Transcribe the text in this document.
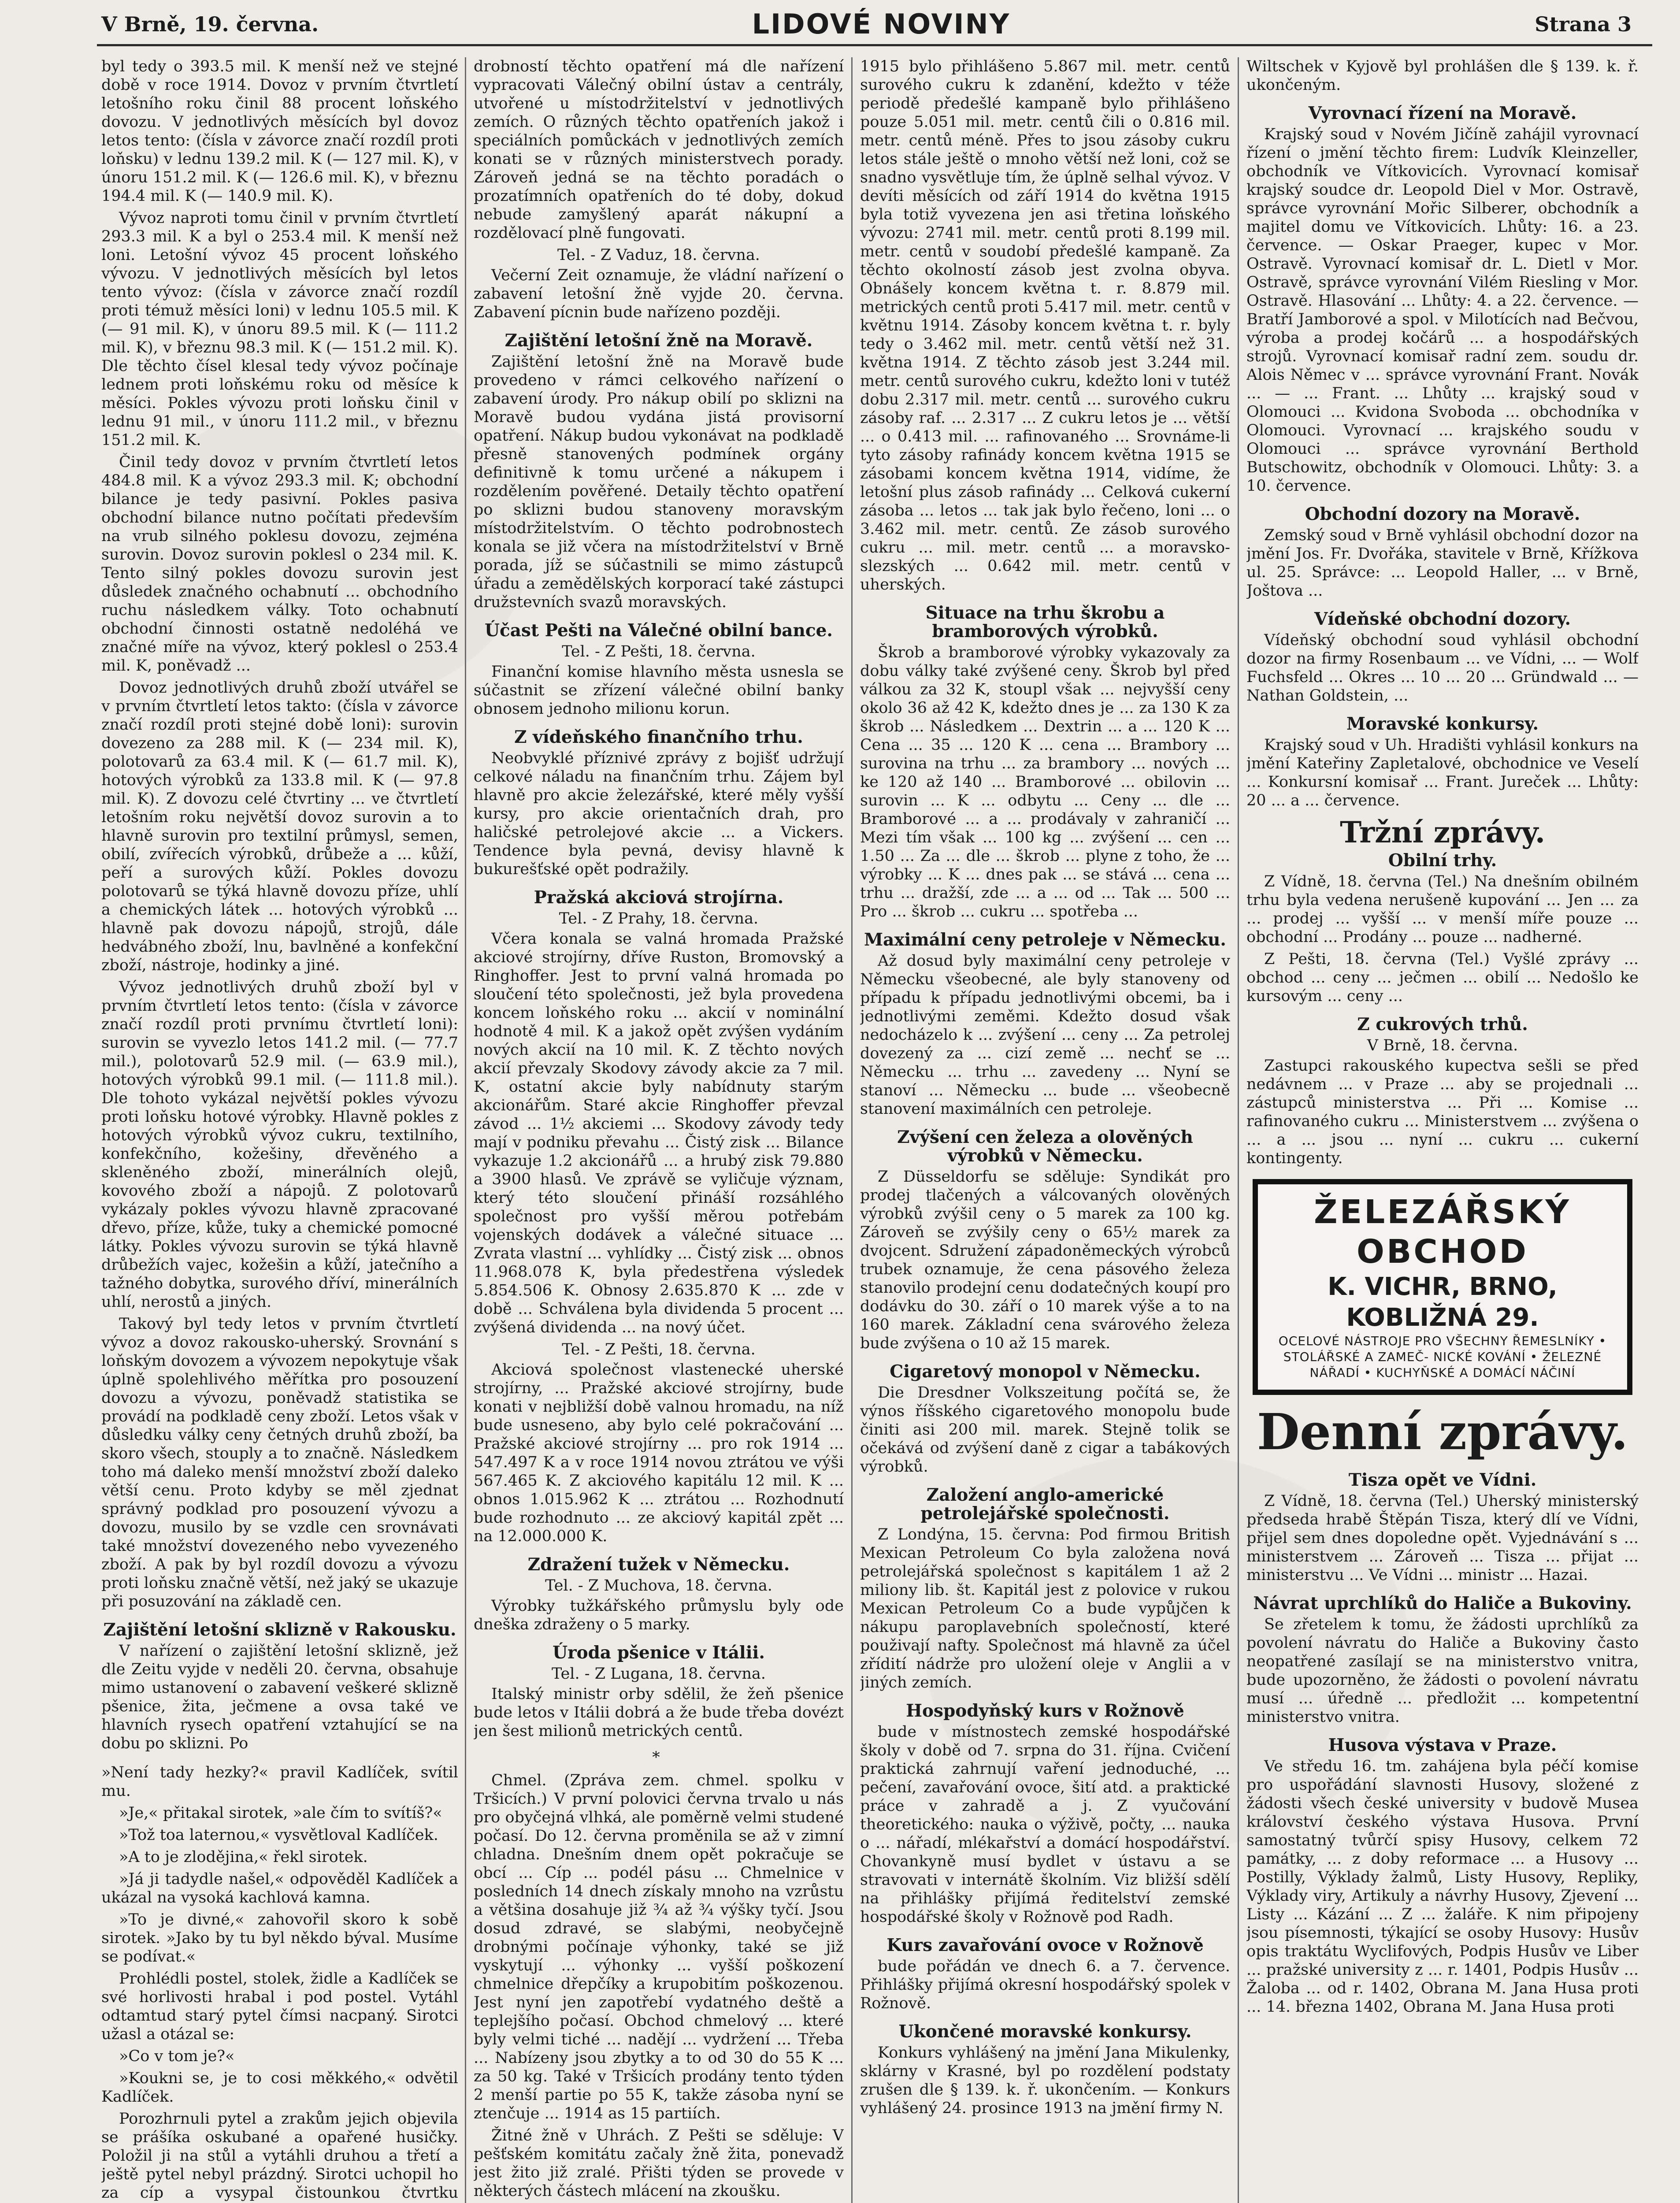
V Brně, 19. června.	LIDOVÉ NOVINY	Strana 3

byl tedy o 393.5 mil. K menší než ve stejné době v roce 1914. Dovoz v prvním čtvrtletí letošního roku činil 88 procent loňského dovozu. V jednotlivých měsících byl dovoz letos tento: (čísla v závorce značí rozdíl proti loňsku) v lednu 139.2 mil. K (— 127 mil. K), v únoru 151.2 mil. K (— 126.6 mil. K), v březnu 194.4 mil. K (— 140.9 mil. K).

Vývoz naproti tomu činil v prvním čtvrtletí 293.3 mil. K a byl o 253.4 mil. K menší než loni. Letošní vývoz 45 procent loňského vývozu. V jednotlivých měsících byl letos tento vývoz: (čísla v závorce značí rozdíl proti témuž měsíci loni) v lednu 105.5 mil. K (— 91 mil. K), v únoru 89.5 mil. K (— 111.2 mil. K), v březnu 98.3 mil. K (— 151.2 mil. K). Dle těchto čísel klesal tedy vývoz počínaje lednem proti loňskému roku od měsíce k měsíci. Pokles vývozu proti loňsku činil v lednu 91 mil., v únoru 111.2 mil., v březnu 151.2 mil. K.

Činil tedy dovoz v prvním čtvrtletí letos 484.8 mil. K a vývoz 293.3 mil. K; obchodní bilance je tedy pasivní. Pokles pasiva obchodní bilance nutno počítati především na vrub silného poklesu dovozu, zejména surovin. Dovoz surovin poklesl o 234 mil. K. Tento silný pokles dovozu surovin jest důsledek značného ochabnutí ... obchodního ruchu následkem války. Toto ochabnutí obchodní činnosti ostatně nedoléhá ve značné míře na vývoz, který poklesl o 253.4 mil. K, poněvadž ...

Dovoz jednotlivých druhů zboží utvářel se v prvním čtvrtletí letos takto: (čísla v závorce značí rozdíl proti stejné době loni): surovin dovezeno za 288 mil. K (— 234 mil. K), polotovarů za 63.4 mil. K (— 61.7 mil. K), hotových výrobků za 133.8 mil. K (— 97.8 mil. K). Z dovozu celé čtvrtiny ... ve čtvrtletí letošním roku největší dovoz surovin a to hlavně surovin pro textilní průmysl, semen, obilí, zvířecích výrobků, drůbeže a ... kůží, peří a surových kůží. Pokles dovozu polotovarů se týká hlavně dovozu příze, uhlí a chemických látek ... hotových výrobků ... hlavně pak dovozu nápojů, strojů, dále hedvábného zboží, lnu, bavlněné a konfekční zboží, nástroje, hodinky a jiné.

Vývoz jednotlivých druhů zboží byl v prvním čtvrtletí letos tento: (čísla v závorce značí rozdíl proti prvnímu čtvrtletí loni): surovin se vyvezlo letos 141.2 mil. (— 77.7 mil.), polotovarů 52.9 mil. (— 63.9 mil.), hotových výrobků 99.1 mil. (— 111.8 mil.). Dle tohoto vykázal největší pokles vývozu proti loňsku hotové výrobky. Hlavně pokles z hotových výrobků vývoz cukru, textilního, konfekčního, kožešiny, dřevěného a skleněného zboží, minerálních olejů, kovového zboží a nápojů. Z polotovarů vykázaly pokles vývozu hlavně zpracované dřevo, příze, kůže, tuky a chemické pomocné látky. Pokles vývozu surovin se týká hlavně drůbežích vajec, kožešin a kůží, jatečního a tažného dobytka, surového dříví, minerálních uhlí, nerostů a jiných.

Takový byl tedy letos v prvním čtvrtletí vývoz a dovoz rakousko-uherský. Srovnání s loňským dovozem a vývozem nepokytuje však úplně spolehlivého měřítka pro posouzení dovozu a vývozu, poněvadž statistika se provádí na podkladě ceny zboží. Letos však v důsledku války ceny četných druhů zboží, ba skoro všech, stouply a to značně. Následkem toho má daleko menší množství zboží daleko větší cenu. Proto kdyby se měl zjednat správný podklad pro posouzení vývozu a dovozu, musilo by se vzdle cen srovnávati také množství dovezeného nebo vyvezeného zboží. A pak by byl rozdíl dovozu a vývozu proti loňsku značně větší, než jaký se ukazuje při posuzování na základě cen.

Zajištění letošní sklizně v Rakousku.

V nařízení o zajištění letošní sklizně, jež dle Zeitu vyjde v neděli 20. června, obsahuje mimo ustanovení o zabavení veškeré sklizně pšenice, žita, ječmene a ovsa také ve hlavních rysech opatření vztahující se na dobu po sklizni. Po

»Není tady hezky?« pravil Kadlíček, svítil mu.

»Je,« přitakal sirotek, »ale čím to svítíš?«

»Tož toa laternou,« vysvětloval Kadlíček.

»A to je zlodějina,« řekl sirotek.

»Já ji tadydle našel,« odpověděl Kadlíček a ukázal na vysoká kachlová kamna.

»To je divné,« zahovořil skoro k sobě sirotek. »Jako by tu byl někdo býval. Musíme se podívat.«

Prohlédli postel, stolek, židle a Kadlíček se své horlivosti hrabal i pod postel. Vytáhl odtamtud starý pytel čímsi nacpaný. Sirotci užasl a otázal se:

»Co v tom je?«

»Koukni se, je to cosi měkkého,« odvětil Kadlíček.

Porozhrnuli pytel a zrakům jejich objevila se prášíka oskubané a opařené husičky. Položil ji na stůl a vytáhli druhou a třetí a ještě pytel nebyl prázdný. Sirotci uchopil ho za cíp a vysypal čistounkou čtvrtku

drobností těchto opatření má dle nařízení vypracovati Válečný obilní ústav a centrály, utvořené u místodržitelství v jednotlivých zemích. O různých těchto opatřeních jakož i speciálních pomůckách v jednotlivých zemích konati se v různých ministerstvech porady. Zároveň jedná se na těchto poradách o prozatímních opatřeních do té doby, dokud nebude zamyšlený aparát nákupní a rozdělovací plně fungovati.

Tel. - Z Vaduz, 18. června.

Večerní Zeit oznamuje, že vládní nařízení o zabavení letošní žně vyjde 20. června. Zabavení pícnin bude nařízeno později.

Zajištění letošní žně na Moravě.

Zajištění letošní žně na Moravě bude provedeno v rámci celkového nařízení o zabavení úrody. Pro nákup obilí po sklizni na Moravě budou vydána jistá provisorní opatření. Nákup budou vykonávat na podkladě přesně stanovených podmínek orgány definitivně k tomu určené a nákupem i rozdělením pověřené. Detaily těchto opatření po sklizni budou stanoveny moravským místodržitelstvím. O těchto podrobnostech konala se již včera na místodržitelství v Brně porada, jíž se súčastnili se mimo zástupců úřadu a zemědělských korporací také zástupci družstevních svazů moravských.

Účast Pešti na Válečné obilní bance.
Tel. - Z Pešti, 18. června.

Finanční komise hlavního města usnesla se súčastnit se zřízení válečné obilní banky obnosem jednoho milionu korun.

Z vídeňského finančního trhu.

Neobvyklé příznivé zprávy z bojišť udržují celkové náladu na finančním trhu. Zájem byl hlavně pro akcie železářské, které měly vyšší kursy, pro akcie orientačních drah, pro haličské petrolejové akcie ... a Vickers. Tendence byla pevná, devisy hlavně k bukurešťské opět podražily.

Pražská akciová strojírna.
Tel. - Z Prahy, 18. června.

Včera konala se valná hromada Pražské akciové strojírny, dříve Ruston, Bromovský a Ringhoffer. Jest to první valná hromada po sloučení této společnosti, jež byla provedena koncem loňského roku ... akcií v nominální hodnotě 4 mil. K a jakož opět zvýšen vydáním nových akcií na 10 mil. K. Z těchto nových akcií převzaly Skodovy závody akcie za 7 mil. K, ostatní akcie byly nabídnuty starým akcionářům. Staré akcie Ringhoffer převzal závod ... 1½ akciemi ... Skodovy závody tedy mají v podniku převahu ... Čistý zisk ... Bilance vykazuje 1.2 akcionářů ... a hrubý zisk 79.880 a 3900 hlasů. Ve zprávě se vyličuje význam, který této sloučení přináší rozsáhlého společnost pro vyšší měrou potřebám vojenských dodávek a válečné situace ... Zvrata vlastní ... vyhlídky ... Čistý zisk ... obnos 11.968.078 K, byla předestřena výsledek 5.854.506 K. Obnosy 2.635.870 K ... zde v době ... Schválena byla dividenda 5 procent ... zvýšená dividenda ... na nový účet.

Tel. - Z Pešti, 18. června.

Akciová společnost vlastenecké uherské strojírny, ... Pražské akciové strojírny, bude konati v nejbližší době valnou hromadu, na níž bude usneseno, aby bylo celé pokračování ... Pražské akciové strojírny ... pro rok 1914 ... 547.497 K a v roce 1914 novou ztrátou ve výši 567.465 K. Z akciového kapitálu 12 mil. K ... obnos 1.015.962 K ... ztrátou ... Rozhodnutí bude rozhodnuto ... ze akciový kapitál zpět ... na 12.000.000 K.

Zdražení tužek v Německu.
Tel. - Z Muchova, 18. června.

Výrobky tužkářského průmyslu byly ode dneška zdraženy o 5 marky.

Úroda pšenice v Itálii.
Tel. - Z Lugana, 18. června.

Italský ministr orby sdělil, že žeň pšenice bude letos v Itálii dobrá a že bude třeba dovézt jen šest milionů metrických centů.

*

Chmel. (Zpráva zem. chmel. spolku v Tršicích.) V první polovici června trvalo u nás pro obyčejná vlhká, ale poměrně velmi studené počasí. Do 12. června proměnila se až v zimní chladna. Dnešním dnem opět pokračuje se obcí ... Cíp ... podél pásu ... Chmelnice v posledních 14 dnech získaly mnoho na vzrůstu a většina dosahuje již ¾ až ¾ výšky tyčí. Jsou dosud zdravé, se slabými, neobyčejně drobnými počínaje výhonky, také se již vyskytují ... výhonky ... vyšší poškození chmelnice dřepčíky a krupobitím poškozenou. Jest nyní jen zapotřebí vydatného deště a teplejšího počasí. Obchod chmelový ... které byly velmi tiché ... nadějí ... vydržení ... Třeba ... Nabízeny jsou zbytky a to od 30 do 55 K ... za 50 kg. Také v Tršicích prodány tento týden 2 menší partie po 55 K, takže zásoba nyní se ztenčuje ... 1914 as 15 partiích.

Žitné žně v Uhrách. Z Pešti se sděluje: V pešťském komitátu začaly žně žita, ponevadž jest žito již zralé. Přišti týden se provede v některých částech mlácení na zkoušku.

1915 bylo přihlášeno 5.867 mil. metr. centů surového cukru k zdanění, kdežto v téže periodě předešlé kampaně bylo přihlášeno pouze 5.051 mil. metr. centů čili o 0.816 mil. metr. centů méně. Přes to jsou zásoby cukru letos stále ještě o mnoho větší než loni, což se snadno vysvětluje tím, že úplně selhal vývoz. V devíti měsících od září 1914 do května 1915 byla totiž vyvezena jen asi třetina loňského vývozu: 2741 mil. metr. centů proti 8.199 mil. metr. centů v soudobí předešlé kampaně. Za těchto okolností zásob jest zvolna obyva. Obnášely koncem května t. r. 8.879 mil. metrických centů proti 5.417 mil. metr. centů v květnu 1914. Zásoby koncem května t. r. byly tedy o 3.462 mil. metr. centů větší než 31. května 1914. Z těchto zásob jest 3.244 mil. metr. centů surového cukru, kdežto loni v tutéž dobu 2.317 mil. metr. centů ... surového cukru zásoby raf. ... 2.317 ... Z cukru letos je ... větší ... o 0.413 mil. ... rafinovaného ... Srovnáme-li tyto zásoby rafinády koncem května 1915 se zásobami koncem května 1914, vidíme, že letošní plus zásob rafinády ... Celková cukerní zásoba ... letos ... tak jak bylo řečeno, loni ... o 3.462 mil. metr. centů. Ze zásob surového cukru ... mil. metr. centů ... a moravsko-slezských ... 0.642 mil. metr. centů v uherských.

Situace na trhu škrobu a bramborových výrobků.

Škrob a bramborové výrobky vykazovaly za dobu války také zvýšené ceny. Škrob byl před válkou za 32 K, stoupl však ... nejvyšší ceny okolo 36 až 42 K, kdežto dnes je ... za 130 K za škrob ... Následkem ... Dextrin ... a ... 120 K ... Cena ... 35 ... 120 K ... cena ... Brambory ... surovina na trhu ... za brambory ... nových ... ke 120 až 140 ... Bramborové ... obilovin ... surovin ... K ... odbytu ... Ceny ... dle ... Bramborové ... a ... prodávaly v zahraničí ... Mezi tím však ... 100 kg ... zvýšení ... cen ... 1.50 ... Za ... dle ... škrob ... plyne z toho, že ... výrobky ... K ... dnes pak ... se stává ... cena ... trhu ... dražší, zde ... a ... od ... Tak ... 500 ... Pro ... škrob ... cukru ... spotřeba ...

Maximální ceny petroleje v Německu.

Až dosud byly maximální ceny petroleje v Německu všeobecné, ale byly stanoveny od případu k případu jednotlivými obcemi, ba i jednotlivými zeměmi. Kdežto dosud však nedocházelo k ... zvýšení ... ceny ... Za petrolej dovezený za ... cizí země ... nechť se ... Německu ... trhu ... zavedeny ... Nyní se stanoví ... Německu ... bude ... všeobecně stanovení maximálních cen petroleje.

Zvýšení cen železa a olověných výrobků v Německu.

Z Düsseldorfu se sděluje: Syndikát pro prodej tlačených a válcovaných olověných výrobků zvýšil ceny o 5 marek za 100 kg. Zároveň se zvýšily ceny o 65½ marek za dvojcent. Sdružení západoněmeckých výrobců trubek oznamuje, že cena pásového železa stanovilo prodejní cenu dodatečných koupí pro dodávku do 30. září o 10 marek výše a to na 160 marek. Základní cena svárového železa bude zvýšena o 10 až 15 marek.

Cigaretový monopol v Německu.

Die Dresdner Volkszeitung počítá se, že výnos říšského cigaretového monopolu bude činiti asi 200 mil. marek. Stejně tolik se očekává od zvýšení daně z cigar a tabákových výrobků.

Založení anglo-americké petrolejářské společnosti.

Z Londýna, 15. června: Pod firmou British Mexican Petroleum Co byla založena nová petrolejářská společnost s kapitálem 1 až 2 miliony lib. št. Kapitál jest z polovice v rukou Mexican Petroleum Co a bude vypůjčen k nákupu paroplavebních společností, které použivají nafty. Společnost má hlavně za účel zřídití nádrže pro uložení oleje v Anglii a v jiných zemích.

Hospodyňský kurs v Rožnově

bude v místnostech zemské hospodářské školy v době od 7. srpna do 31. října. Cvičení praktická zahrnují vaření jednoduché, ... pečení, zavařování ovoce, šití atd. a praktické práce v zahradě a j. Z vyučování theoretického: nauka o výživě, počty, ... nauka o ... nářadí, mlékařství a domácí hospodářství. Chovankyně musí bydlet v ústavu a se stravovati v internátě školním. Viz bližší sdělí na přihlášky přijímá ředitelství zemské hospodářské školy v Rožnově pod Radh.

Kurs zavařování ovoce v Rožnově

bude pořádán ve dnech 6. a 7. července. Přihlášky přijímá okresní hospodářský spolek v Rožnově.

Ukončené moravské konkursy.

Konkurs vyhlášený na jmění Jana Mikulenky, sklárny v Krasné, byl po rozdělení podstaty zrušen dle § 139. k. ř. ukončením. — Konkurs vyhlášený 24. prosince 1913 na jmění firmy N.

Wiltschek v Kyjově byl prohlášen dle § 139. k. ř. ukončeným.

Vyrovnací řízení na Moravě.

Krajský soud v Novém Jičíně zahájil vyrovnací řízení o jmění těchto firem: Ludvík Kleinzeller, obchodník ve Vítkovicích. Vyrovnací komisař krajský soudce dr. Leopold Diel v Mor. Ostravě, správce vyrovnání Mořic Silberer, obchodník a majitel domu ve Vítkovicích. Lhůty: 16. a 23. července. — Oskar Praeger, kupec v Mor. Ostravě. Vyrovnací komisař dr. L. Dietl v Mor. Ostravě, správce vyrovnání Vilém Riesling v Mor. Ostravě. Hlasování ... Lhůty: 4. a 22. července. — Bratří Jamborové a spol. v Milotících nad Bečvou, výroba a prodej kočárů ... a hospodářských strojů. Vyrovnací komisař radní zem. soudu dr. Alois Němec v ... správce vyrovnání Frant. Novák ... — ... Frant. ... Lhůty ... krajský soud v Olomouci ... Kvidona Svoboda ... obchodníka v Olomouci. Vyrovnací ... krajského soudu v Olomouci ... správce vyrovnání Berthold Butschowitz, obchodník v Olomouci. Lhůty: 3. a 10. července.

Obchodní dozory na Moravě.

Zemský soud v Brně vyhlásil obchodní dozor na jmění Jos. Fr. Dvořáka, stavitele v Brně, Křížkova ul. 25. Správce: ... Leopold Haller, ... v Brně, Joštova ...

Vídeňské obchodní dozory.

Vídeňský obchodní soud vyhlásil obchodní dozor na firmy Rosenbaum ... ve Vídni, ... — Wolf Fuchsfeld ... Okres ... 10 ... 20 ... Gründwald ... — Nathan Goldstein, ...

Moravské konkursy.

Krajský soud v Uh. Hradišti vyhlásil konkurs na jmění Kateřiny Zapletalové, obchodnice ve Veselí ... Konkursní komisař ... Frant. Jureček ... Lhůty: 20 ... a ... července.

Tržní zprávy.
Obilní trhy.

Z Vídně, 18. června (Tel.) Na dnešním obilném trhu byla vedena nerušeně kupování ... Jen ... za ... prodej ... vyšší ... v menší míře pouze ... obchodní ... Prodány ... pouze ... nadherné.

Z Pešti, 18. června (Tel.) Vyšlé zprávy ... obchod ... ceny ... ječmen ... obilí ... Nedošlo ke kursovým ... ceny ...

Z cukrových trhů.
V Brně, 18. června.

Zastupci rakouského kupectva sešli se před nedávnem ... v Praze ... aby se projednali ... zástupců ministerstva ... Při ... Komise ... rafinovaného cukru ... Ministerstvem ... zvýšena o ... a ... jsou ... nyní ... cukru ... cukerní kontingenty.

ŽELEZÁŘSKÝ OBCHOD
K. VICHR, BRNO, KOBLIŽNÁ 29.
OCELOVÉ NÁSTROJE PRO VŠECHNY ŘEMESLNÍKY • STOLÁŘSKÉ A ZAMEČ- NICKÉ KOVÁNÍ • ŽELEZNÉ NÁŘADÍ • KUCHYŇSKÉ A DOMÁCÍ NÁČINÍ
Denní zprávy.
Tisza opět ve Vídni.

Z Vídně, 18. června (Tel.) Uherský ministerský předseda hrabě Štěpán Tisza, který dlí ve Vídni, přijel sem dnes dopoledne opět. Vyjednávání s ... ministerstvem ... Zároveň ... Tisza ... přijat ... ministerstvu ... Ve Vídni ... ministr ... Hazai.

Návrat uprchlíků do Haliče a Bukoviny.

Se zřetelem k tomu, že žádosti uprchlíků za povolení návratu do Haliče a Bukoviny často neopatřené zasílají se na ministerstvo vnitra, bude upozorněno, že žádosti o povolení návratu musí ... úředně ... předložit ... kompetentní ministerstvo vnitra.

Husova výstava v Praze.

Ve středu 16. tm. zahájena byla péčí komise pro uspořádání slavnosti Husovy, složené z žádosti všech české university v budově Musea království českého výstava Husova. První samostatný tvůrčí spisy Husovy, celkem 72 památky, ... z doby reformace ... a Husovy ... Postilly, Výklady žalmů, Listy Husovy, Repliky, Výklady viry, Artikuly a návrhy Husovy, Zjevení ... Listy ... Kázání ... Z ... žaláře. K nim připojeny jsou písemnosti, týkající se osoby Husovy: Husův opis traktátu Wyclifových, Podpis Husův ve Liber ... pražské university z ... r. 1401, Podpis Husův ... Žaloba ... od r. 1402, Obrana M. Jana Husa proti ... 14. března 1402, Obrana M. Jana Husa proti
